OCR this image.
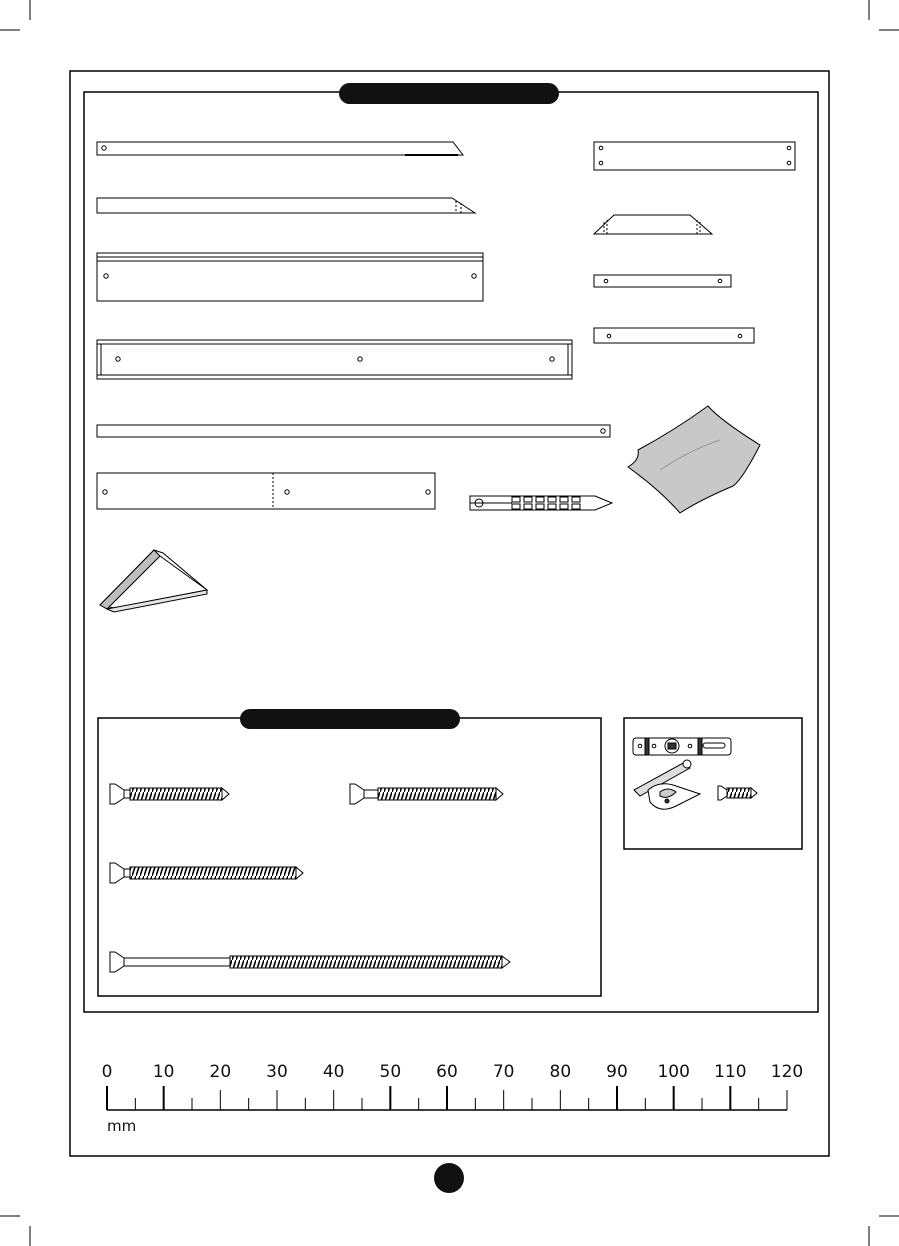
0 10 20 30 40 50 60 70 80 90 100 110 120
mm
